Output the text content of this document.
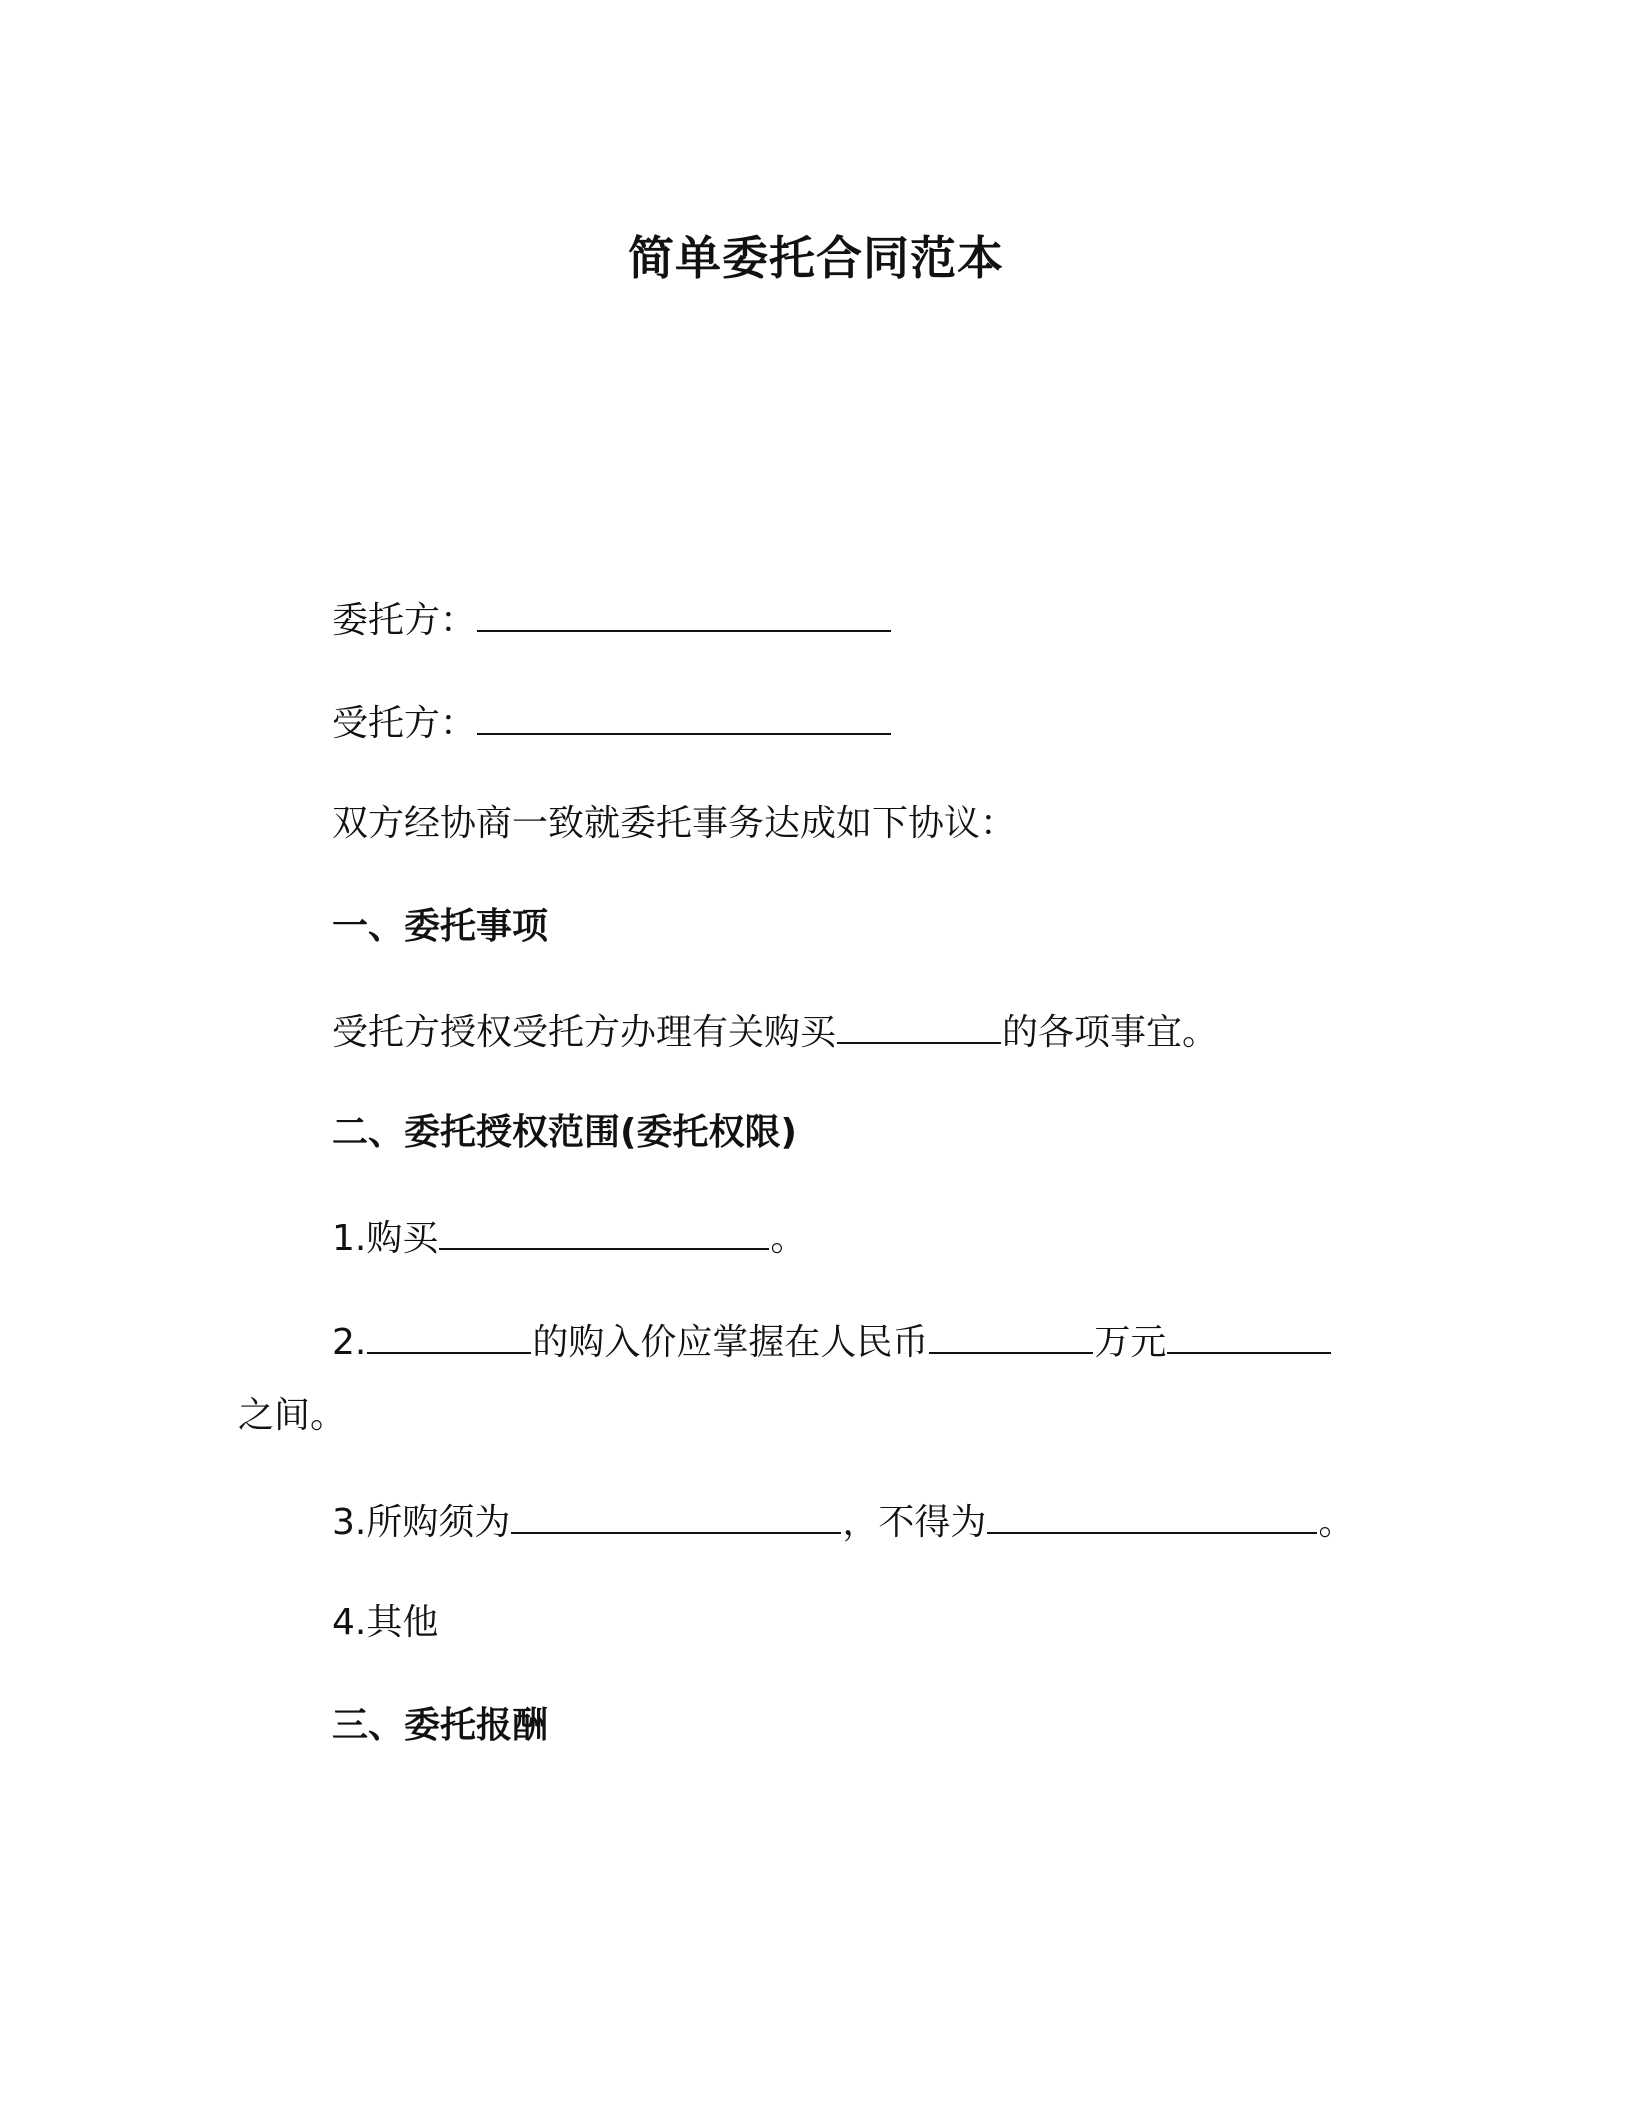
简单委托合同范本

委托方：

受托方：

双方经协商一致就委托事务达成如下协议：

一、委托事项

受托方授权受托方办理有关购买	的各项事宜。

二、委托授权范围(委托权限)

1.购买	。

2.	的购入价应掌握在人民币	万元

之间。

3.所购须为	，不得为	。

4.其他

三、委托报酬
